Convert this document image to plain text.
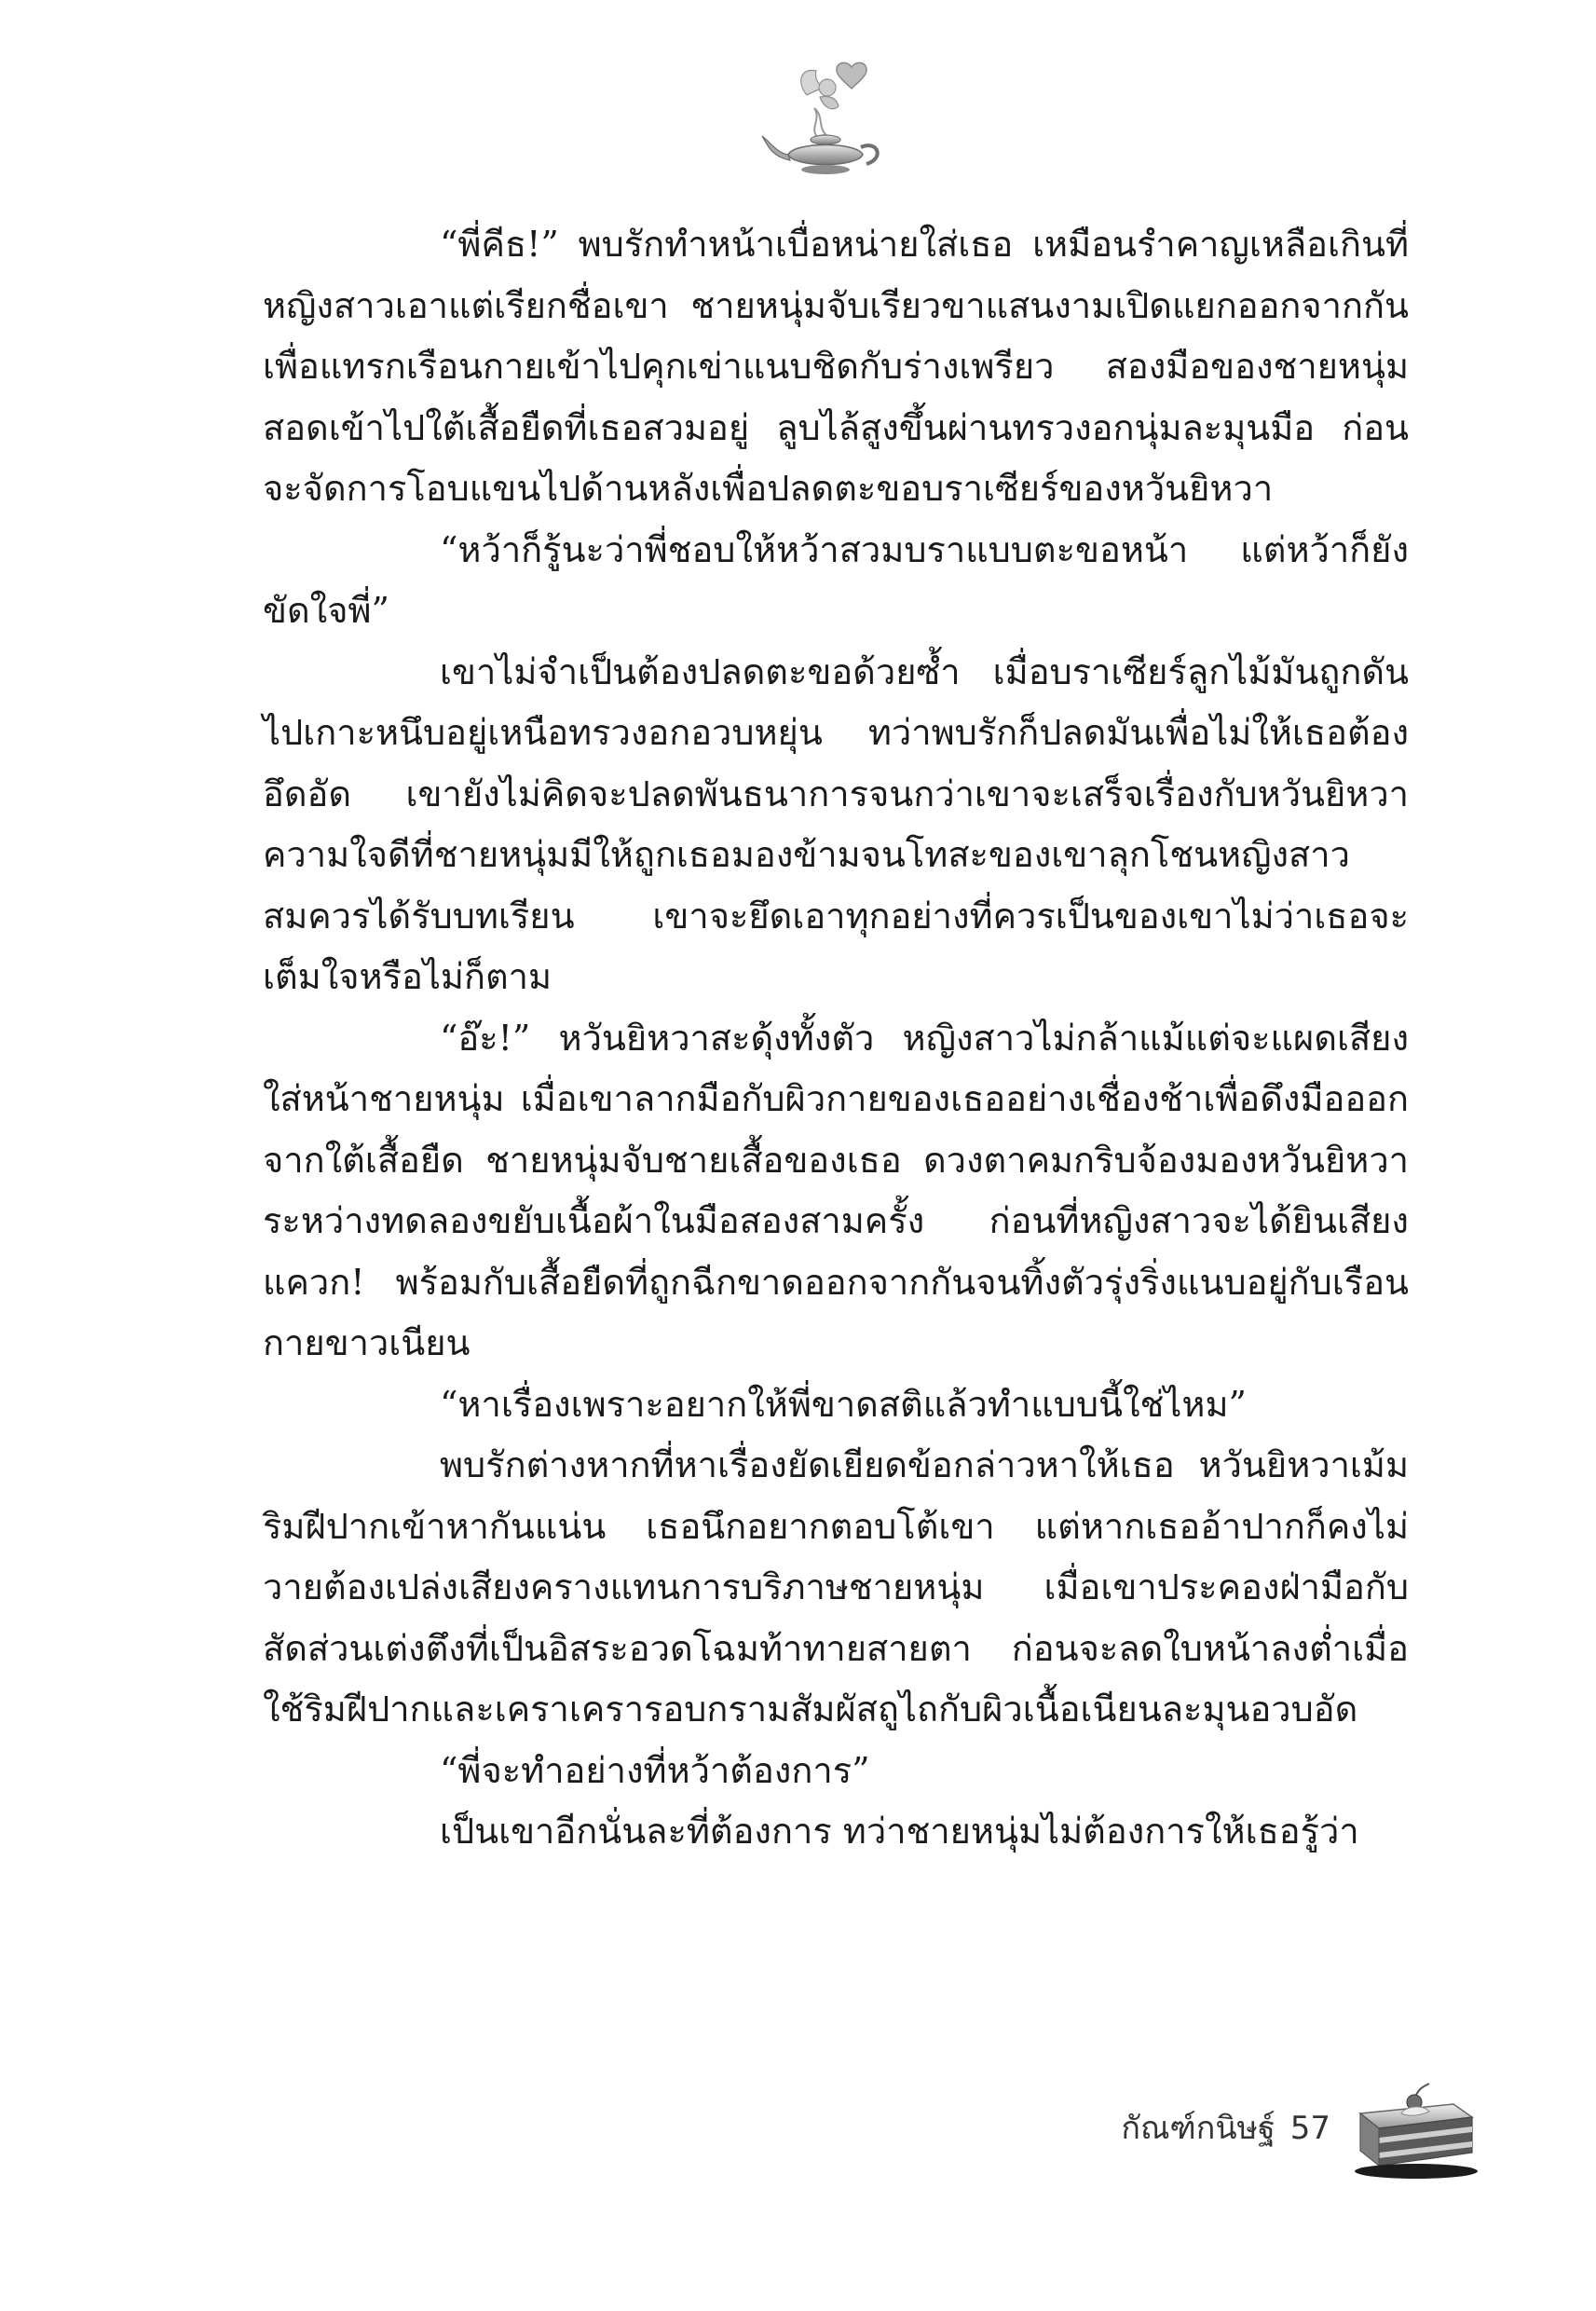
“พี่คีธ!” พบรักทำหน้าเบื่อหน่ายใส่เธอ เหมือนรำคาญเหลือเกินที่หญิงสาวเอาแต่เรียกชื่อเขา ชายหนุ่มจับเรียวขาแสนงามเปิดแยกออกจากกันเพื่อแทรกเรือนกายเข้าไปคุกเข่าแนบชิดกับร่างเพรียว สองมือของชายหนุ่มสอดเข้าไปใต้เสื้อยืดที่เธอสวมอยู่ ลูบไล้สูงขึ้นผ่านทรวงอกนุ่มละมุนมือ ก่อนจะจัดการโอบแขนไปด้านหลังเพื่อปลดตะขอบราเซียร์ของหวันยิหวา

“หว้าก็รู้นะว่าพี่ชอบให้หว้าสวมบราแบบตะขอหน้า แต่หว้าก็ยังขัดใจพี่”

เขาไม่จำเป็นต้องปลดตะขอด้วยซ้ำ เมื่อบราเซียร์ลูกไม้มันถูกดันไปเกาะหนึบอยู่เหนือทรวงอกอวบหยุ่น ทว่าพบรักก็ปลดมันเพื่อไม่ให้เธอต้องอึดอัด เขายังไม่คิดจะปลดพันธนาการจนกว่าเขาจะเสร็จเรื่องกับหวันยิหวา ความใจดีที่ชายหนุ่มมีให้ถูกเธอมองข้ามจนโทสะของเขาลุกโชนหญิงสาวสมควรได้รับบทเรียน เขาจะยึดเอาทุกอย่างที่ควรเป็นของเขาไม่ว่าเธอจะเต็มใจหรือไม่ก็ตาม

“อ๊ะ!” หวันยิหวาสะดุ้งทั้งตัว หญิงสาวไม่กล้าแม้แต่จะแผดเสียงใส่หน้าชายหนุ่ม เมื่อเขาลากมือกับผิวกายของเธออย่างเชื่องช้าเพื่อดึงมือออกจากใต้เสื้อยืด ชายหนุ่มจับชายเสื้อของเธอ ดวงตาคมกริบจ้องมองหวันยิหวาระหว่างทดลองขยับเนื้อผ้าในมือสองสามครั้ง ก่อนที่หญิงสาวจะได้ยินเสียง แควก! พร้อมกับเสื้อยืดที่ถูกฉีกขาดออกจากกันจนทิ้งตัวรุ่งริ่งแนบอยู่กับเรือนกายขาวเนียน

“หาเรื่องเพราะอยากให้พี่ขาดสติแล้วทำแบบนี้ใช่ไหม”

พบรักต่างหากที่หาเรื่องยัดเยียดข้อกล่าวหาให้เธอ หวันยิหวาเม้มริมฝีปากเข้าหากันแน่น เธอนึกอยากตอบโต้เขา แต่หากเธออ้าปากก็คงไม่วายต้องเปล่งเสียงครางแทนการบริภาษชายหนุ่ม เมื่อเขาประคองฝ่ามือกับสัดส่วนเต่งตึงที่เป็นอิสระอวดโฉมท้าทายสายตา ก่อนจะลดใบหน้าลงต่ำเมื่อใช้ริมฝีปากและเคราเครารอบกรามสัมผัสถูไถกับผิวเนื้อเนียนละมุนอวบอัด

“พี่จะทำอย่างที่หว้าต้องการ”

เป็นเขาอีกนั่นละที่ต้องการ ทว่าชายหนุ่มไม่ต้องการให้เธอรู้ว่า

กัณฑ์กนิษฐ์ 57
